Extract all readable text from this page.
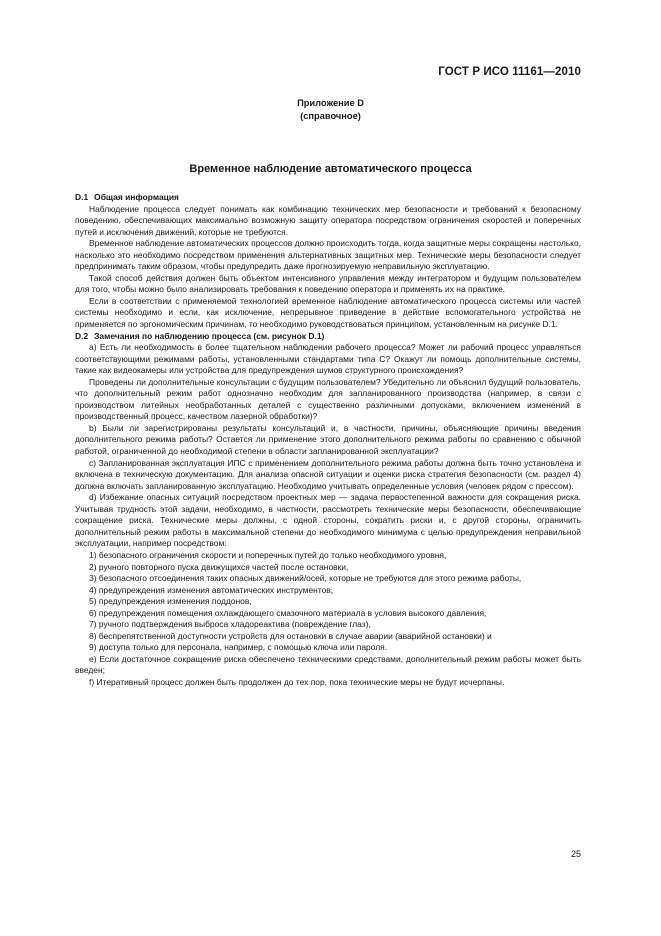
ГОСТ Р ИСО 11161—2010
Приложение D
(справочное)
Временное наблюдение автоматического процесса

D.1 Общая информация

Наблюдение процесса следует понимать как комбинацию технических мер безопасности и требований к безопасному поведению, обеспечивающих максимально возможную защиту оператора посредством ограничения скоростей и поперечных путей и исключения движений, которые не требуются.

Временное наблюдение автоматических процессов должно происходить тогда, когда защитные меры сокращены настолько, насколько это необходимо посредством применения альтернативных защитных мер. Технические меры безопасности следует предпринимать таким образом, чтобы предупредить даже прогнозируемую неправильную эксплуатацию.

Такой способ действия должен быть объектом интенсивного управления между интегратором и будущим пользователем для того, чтобы можно было анализировать требования к поведению оператора и применять их на практике.

Если в соответствии с применяемой технологией временное наблюдение автоматического процесса системы или частей системы необходимо и если, как исключение, непрерывное приведение в действие вспомогательного устройства не применяется по эргономическим причинам, то необходимо руководствоваться принципом, установленным на рисунке D.1.

D.2 Замечания по наблюдению процесса (см. рисунок D.1)

а) Есть ли необходимость в более тщательном наблюдении рабочего процесса? Может ли рабочий процесс управляться соответствующими режимами работы, установленными стандартами типа С? Окажут ли помощь дополнительные системы, такие как видеокамеры или устройства для предупреждения шумов структурного происхождения?

Проведены ли дополнительные консультации с будущим пользователем? Убедительно ли объяснил будущий пользователь, что дополнительный режим работ однозначно необходим для запланированного производства (например, в связи с производством литейных необработанных деталей с существенно различными допусками, включением изменений в производственный процесс, качеством лазерной обработки)?

b) Были ли зарегистрированы результаты консультаций и, в частности, причины, объясняющие причины введения дополнительного режима работы? Остается ли применение этого дополнительного режима работы по сравнению с обычной работой, ограниченной до необходимой степени в области запланированной эксплуатации?

с) Запланированная эксплуатация ИПС с применением дополнительного режима работы должна быть точно установлена и включена в техническую документацию. Для анализа опасной ситуации и оценки риска стратегия безопасности (см. раздел 4) должна включать запланированную эксплуатацию. Необходимо учитывать определенные условия (человек рядом с прессом).

d) Избежание опасных ситуаций посредством проектных мер — задача первостепенной важности для сокращения риска. Учитывая трудность этой задачи, необходимо, в частности, рассмотреть технические меры безопасности, обеспечивающие сокращение риска. Технические меры должны, с одной стороны, сократить риски и, с другой стороны, ограничить дополнительный режим работы в максимальной степени до необходимого минимума с целью предупреждения неправильной эксплуатации, например посредством:

1) безопасного ограничения скорости и поперечных путей до только необходимого уровня,

2) ручного повторного пуска движущихся частей после остановки,

3) безопасного отсоединения таких опасных движений/осей, которые не требуются для этого режима работы,

4) предупреждения изменения автоматических инструментов,

5) предупреждения изменения поддонов,

6) предупреждения помещения охлаждающего смазочного материала в условия высокого давления,

7) ручного подтверждения выброса хладореактива (повреждение глаз),

8) беспрепятственной доступности устройств для остановки в случае аварии (аварийной остановки) и

9) доступа только для персонала, например, с помощью ключа или пароля.

е) Если достаточное сокращение риска обеспечено техническими средствами, дополнительный режим работы может быть введен;

f) Итеративный процесс должен быть продолжен до тех пор, пока технические меры не будут исчерпаны.

25
